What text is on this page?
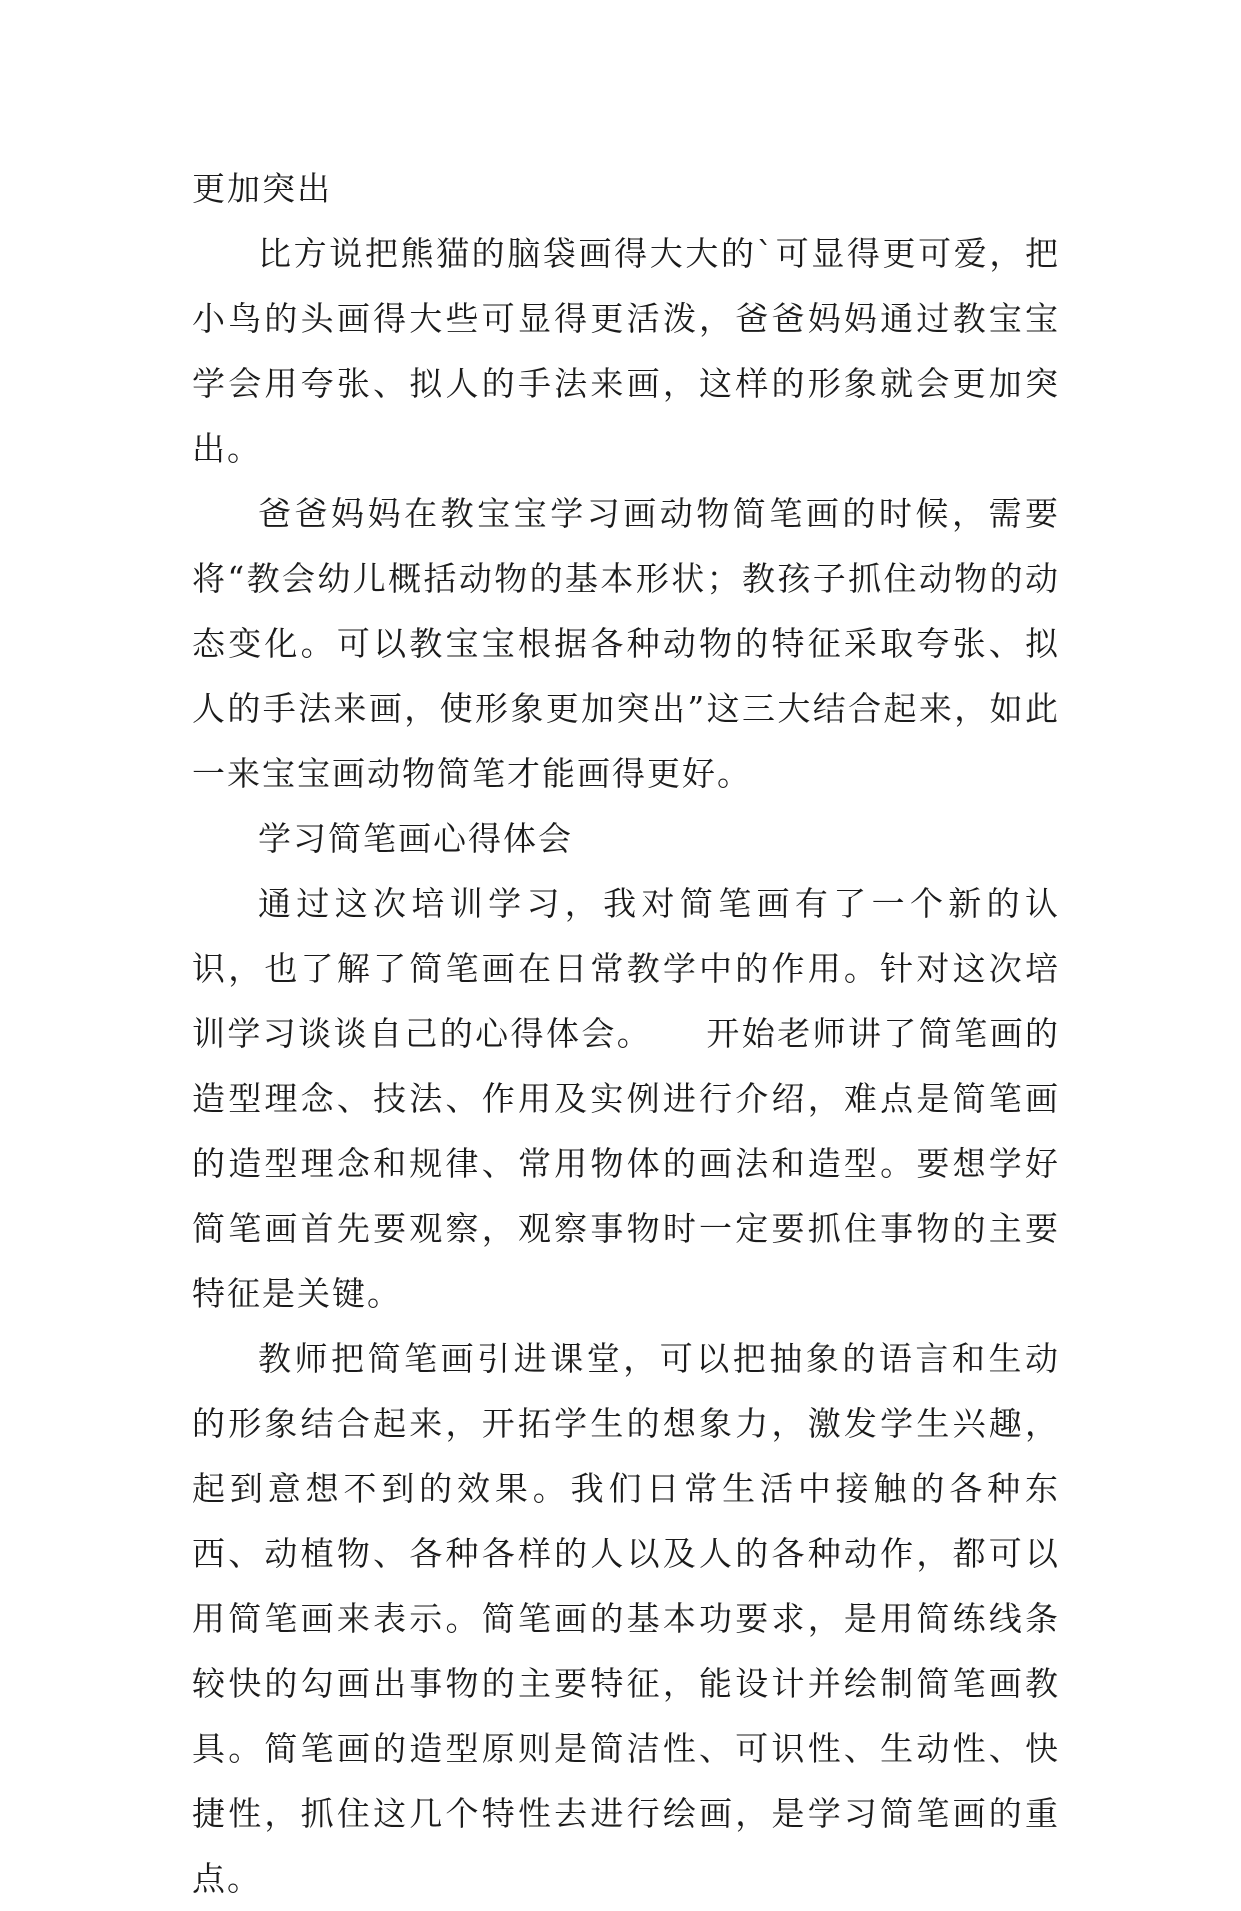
更加突出

比方说把熊猫的脑袋画得大大的`可显得更可爱，把小鸟的头画得大些可显得更活泼，爸爸妈妈通过教宝宝学会用夸张、拟人的手法来画，这样的形象就会更加突出。

爸爸妈妈在教宝宝学习画动物简笔画的时候，需要将“教会幼儿概括动物的基本形状；教孩子抓住动物的动态变化。可以教宝宝根据各种动物的特征采取夸张、拟人的手法来画，使形象更加突出”这三大结合起来，如此一来宝宝画动物简笔才能画得更好。

学习简笔画心得体会

通过这次培训学习，我对简笔画有了一个新的认识，也了解了简笔画在日常教学中的作用。针对这次培训学习谈谈自己的心得体会。　　开始老师讲了简笔画的造型理念、技法、作用及实例进行介绍，难点是简笔画的造型理念和规律、常用物体的画法和造型。要想学好简笔画首先要观察，观察事物时一定要抓住事物的主要特征是关键。

教师把简笔画引进课堂，可以把抽象的语言和生动的形象结合起来，开拓学生的想象力，激发学生兴趣，起到意想不到的效果。我们日常生活中接触的各种东西、动植物、各种各样的人以及人的各种动作，都可以用简笔画来表示。简笔画的基本功要求，是用简练线条较快的勾画出事物的主要特征，能设计并绘制简笔画教具。简笔画的造型原则是简洁性、可识性、生动性、快捷性，抓住这几个特性去进行绘画，是学习简笔画的重点。
